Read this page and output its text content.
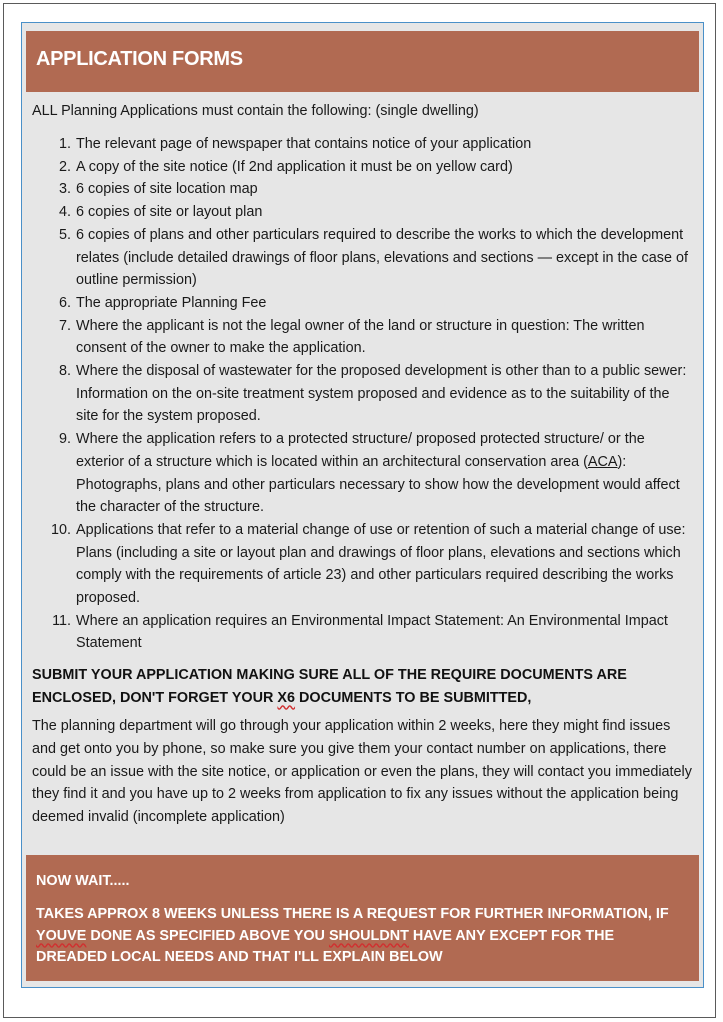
APPLICATION FORMS

ALL Planning Applications must contain the following: (single dwelling)

1. The relevant page of newspaper that contains notice of your application
2. A copy of the site notice (If 2nd application it must be on yellow card)
3. 6 copies of site location map
4. 6 copies of site or layout plan
5. 6 copies of plans and other particulars required to describe the works to which the development relates (include detailed drawings of floor plans, elevations and sections — except in the case of outline permission)
6. The appropriate Planning Fee
7. Where the applicant is not the legal owner of the land or structure in question: The written consent of the owner to make the application.
8. Where the disposal of wastewater for the proposed development is other than to a public sewer: Information on the on-site treatment system proposed and evidence as to the suitability of the site for the system proposed.
9. Where the application refers to a protected structure/ proposed protected structure/ or the exterior of a structure which is located within an architectural conservation area (ACA): Photographs, plans and other particulars necessary to show how the development would affect the character of the structure.
10. Applications that refer to a material change of use or retention of such a material change of use: Plans (including a site or layout plan and drawings of floor plans, elevations and sections which comply with the requirements of article 23) and other particulars required describing the works proposed.
11. Where an application requires an Environmental Impact Statement: An Environmental Impact Statement

SUBMIT YOUR APPLICATION MAKING SURE ALL OF THE REQUIRE DOCUMENTS ARE ENCLOSED, DON'T FORGET YOUR X6 DOCUMENTS TO BE SUBMITTED,

The planning department will go through your application within 2 weeks, here they might find issues and get onto you by phone, so make sure you give them your contact number on applications, there could be an issue with the site notice, or application or even the plans, they will contact you immediately they find it and you have up to 2 weeks from application to fix any issues without the application being deemed invalid (incomplete application)

NOW WAIT.....

TAKES APPROX 8 WEEKS UNLESS THERE IS A REQUEST FOR FURTHER INFORMATION, IF YOUVE DONE AS SPECIFIED ABOVE YOU SHOULDNT HAVE ANY EXCEPT FOR THE DREADED LOCAL NEEDS AND THAT I'LL EXPLAIN BELOW
